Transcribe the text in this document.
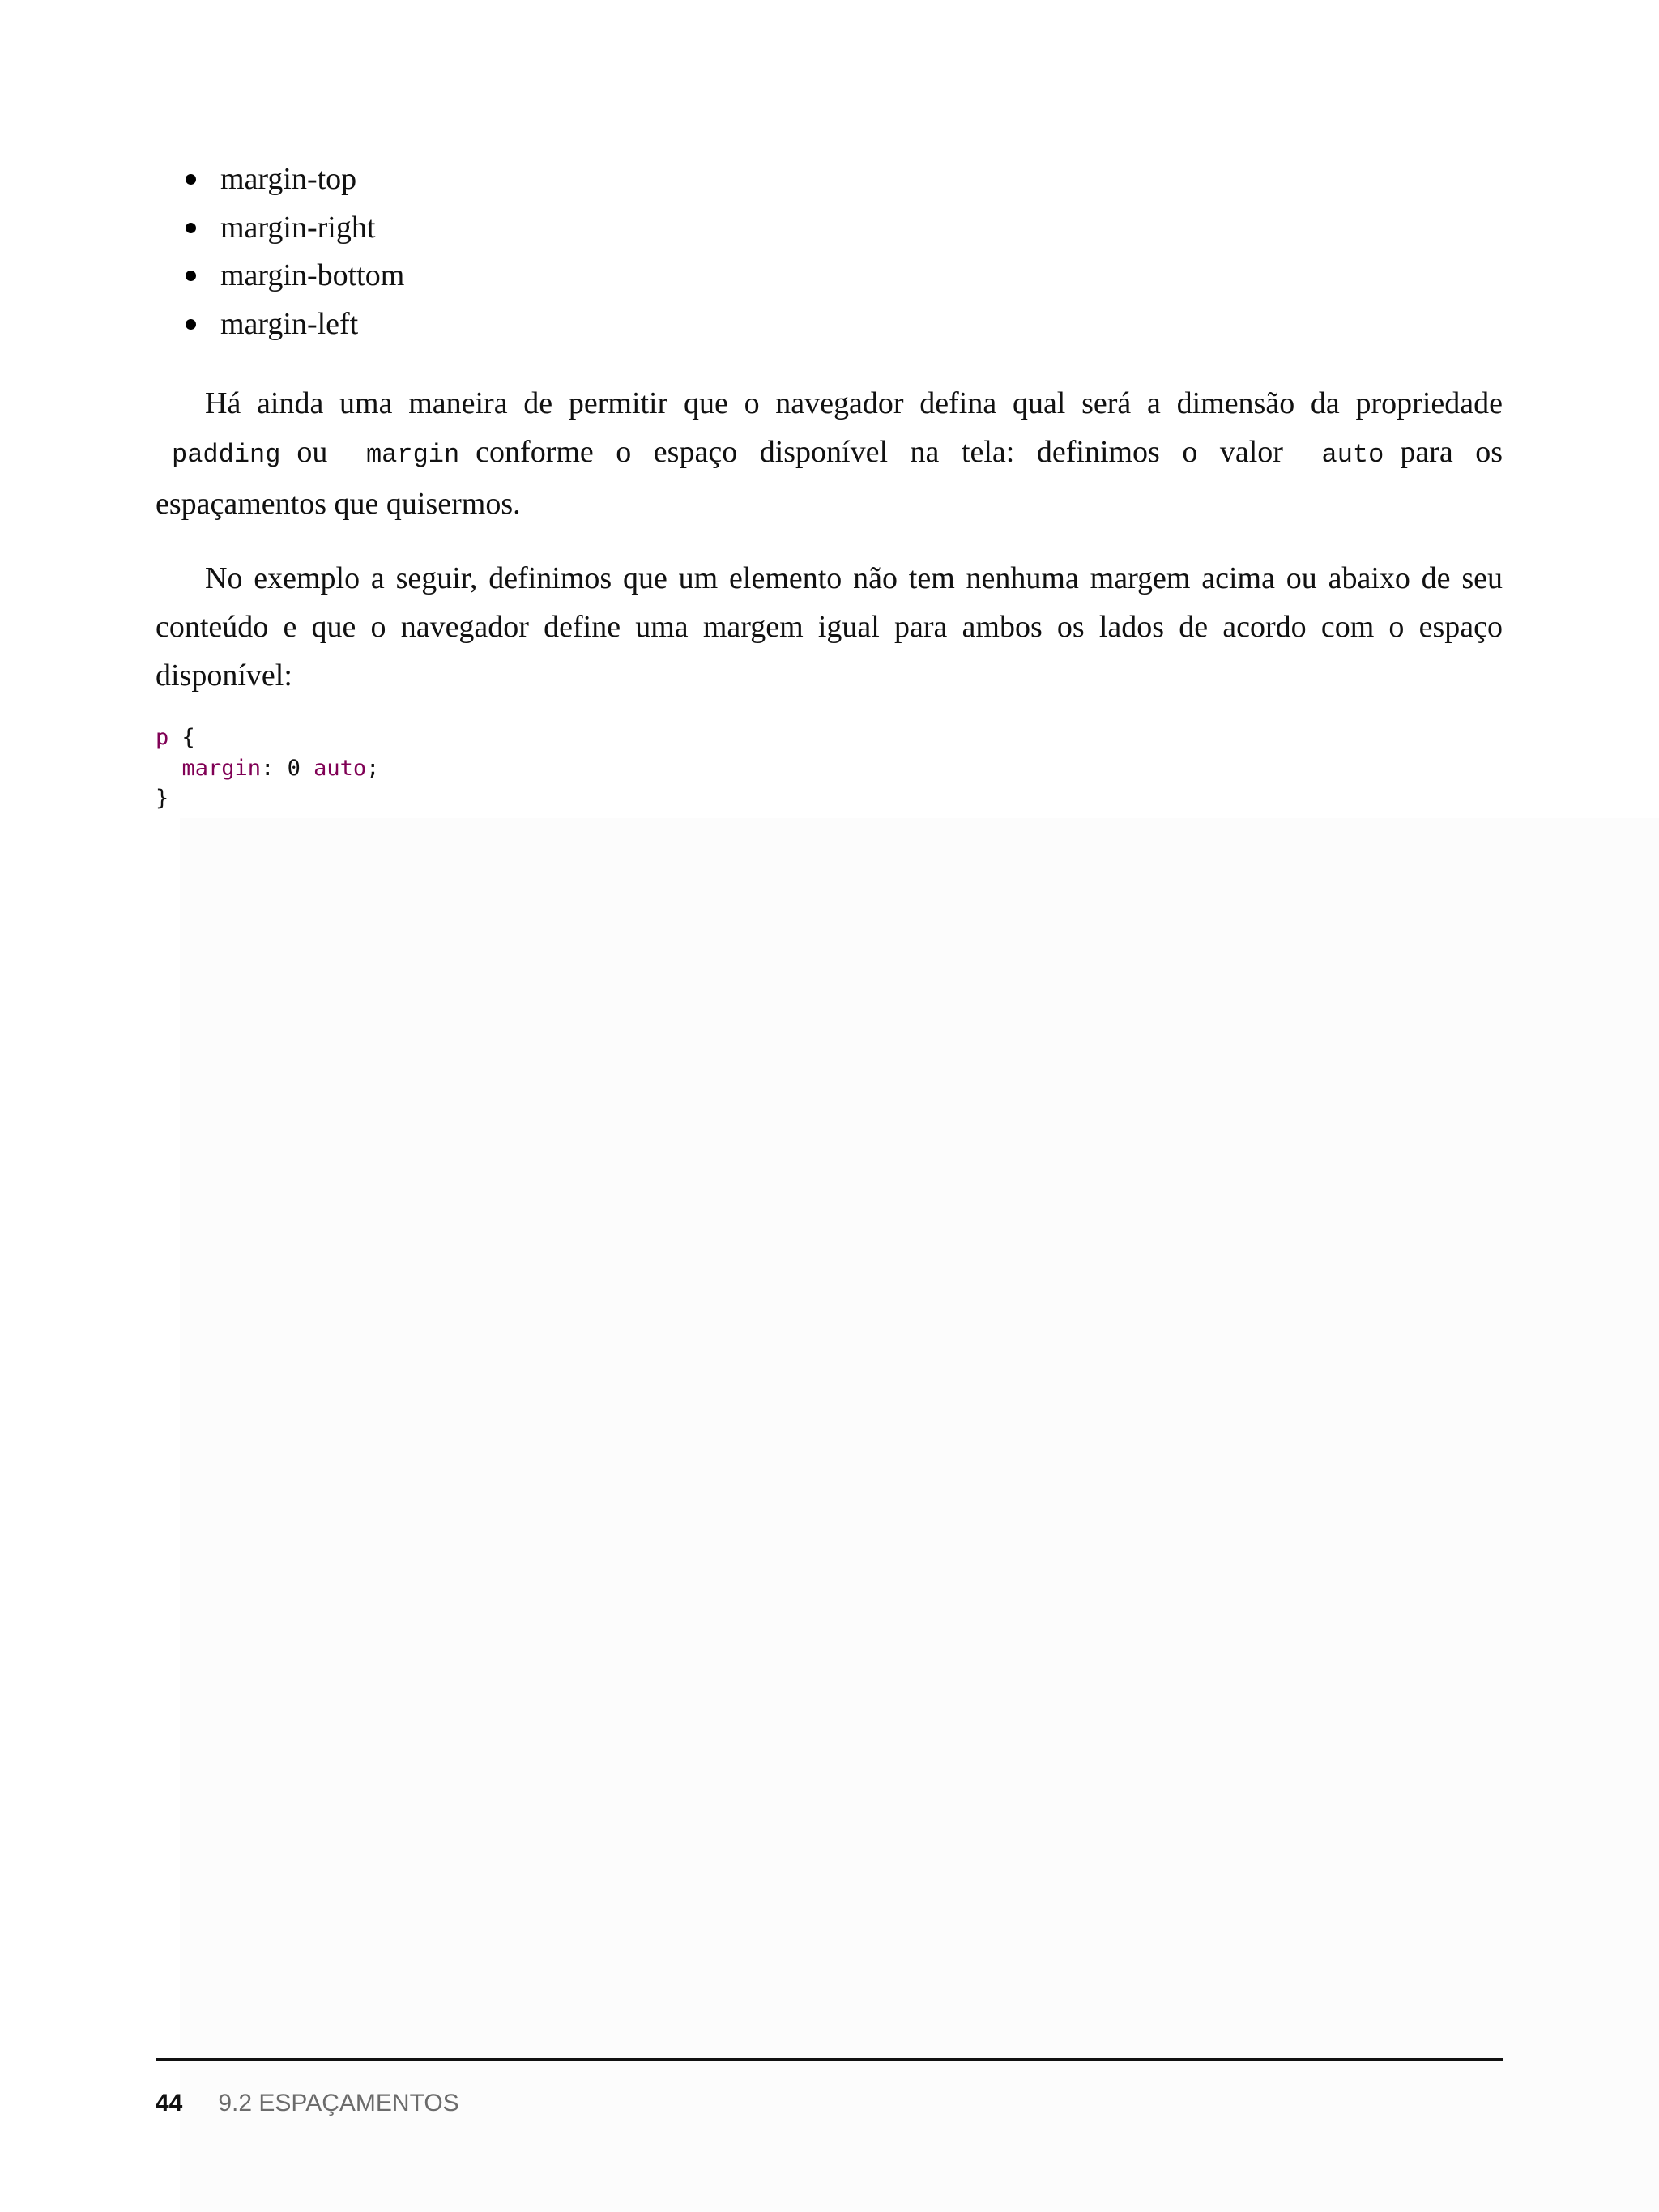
margin-top
margin-right
margin-bottom
margin-left

Há ainda uma maneira de permitir que o navegador defina qual será a dimensão da propriedade padding ou margin conforme o espaço disponível na tela: definimos o valor auto para os espaçamentos que quisermos.

No exemplo a seguir, definimos que um elemento não tem nenhuma margem acima ou abaixo de seu conteúdo e que o navegador define uma margem igual para ambos os lados de acordo com o espaço disponível:

p {
margin: 0 auto;
}
44 9.2 ESPAÇAMENTOS
